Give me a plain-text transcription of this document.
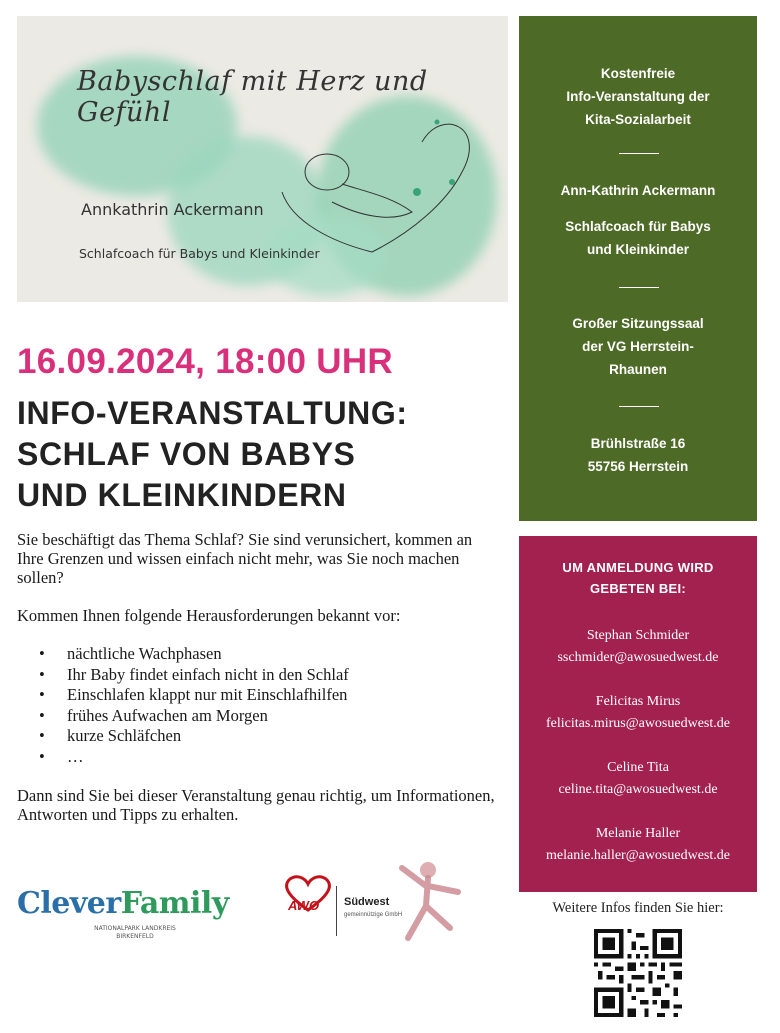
Babyschlaf mit Herz und Gefühl
Annkathrin Ackermann
Schlafcoach für Babys und Kleinkinder
16.09.2024, 18:00 UHR
INFO-VERANSTALTUNG:
SCHLAF VON BABYS
UND KLEINKINDERN

Sie beschäftigt das Thema Schlaf? Sie sind verunsichert, kommen an Ihre Grenzen und wissen einfach nicht mehr, was Sie noch machen sollen?

Kommen Ihnen folgende Herausforderungen bekannt vor:

• nächtliche Wachphasen
• Ihr Baby findet einfach nicht in den Schlaf
• Einschlafen klappt nur mit Einschlafhilfen
• frühes Aufwachen am Morgen
• kurze Schläfchen
• …

Dann sind Sie bei dieser Veranstaltung genau richtig, um Informationen, Antworten und Tipps zu erhalten.

CleverFamily
NATIONALPARK LANDKREIS BIRKENFELD
AWO Südwest
gemeinnützige GmbH
Kostenfreie
Info-Veranstaltung der
Kita-Sozialarbeit
Ann-Kathrin Ackermann
Schlafcoach für Babys
und Kleinkinder
Großer Sitzungssaal
der VG Herrstein-
Rhaunen
Brühlstraße 16
55756 Herrstein
UM ANMELDUNG WIRD
GEBETEN BEI:
Stephan Schmider
sschmider@awosuedwest.de
Felicitas Mirus
felicitas.mirus@awosuedwest.de
Celine Tita
celine.tita@awosuedwest.de
Melanie Haller
melanie.haller@awosuedwest.de
Weitere Infos finden Sie hier:
